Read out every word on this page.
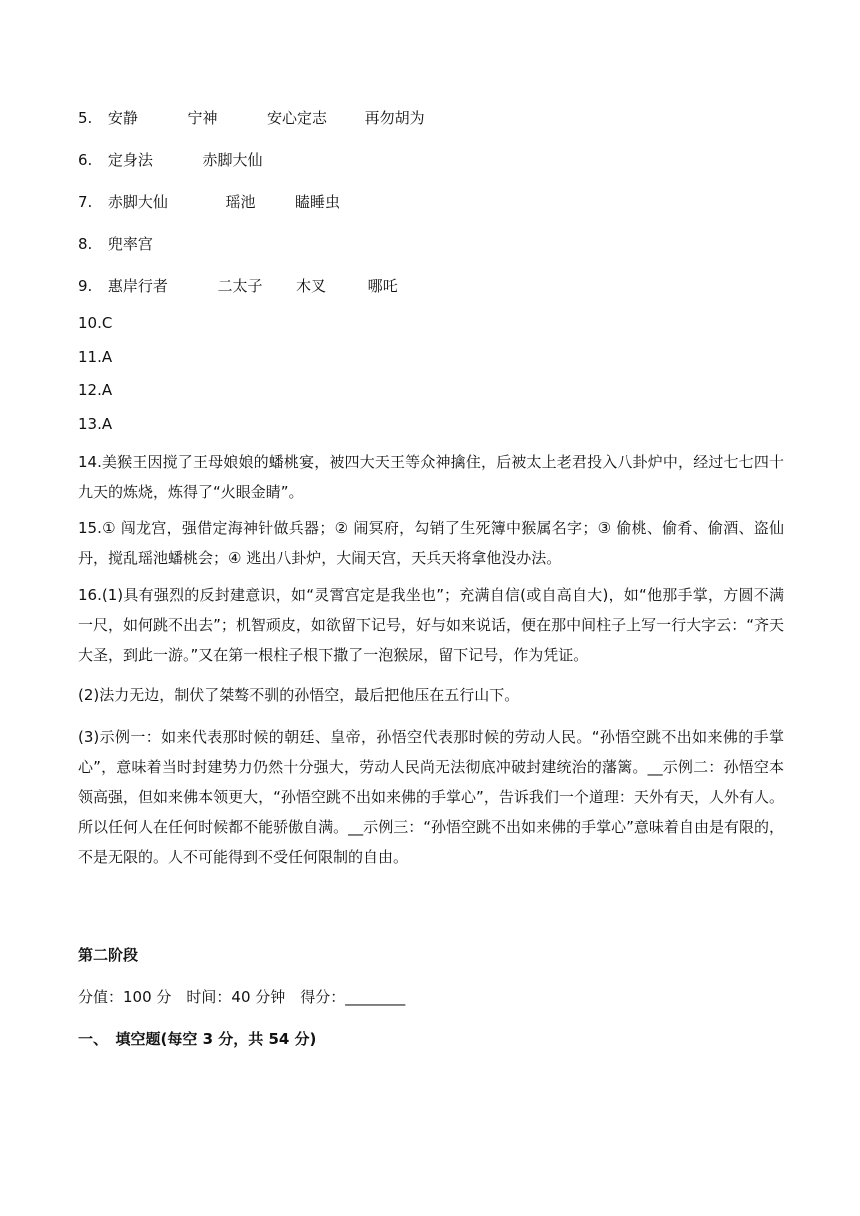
5. 安静	宁神	安心定志	再勿胡为
6. 定身法	赤脚大仙
7. 赤脚大仙	瑶池	瞌睡虫
8. 兜率宫
9. 惠岸行者	二太子 木叉	哪吒
10.C
11.A
12.A
13.A

14.美猴王因搅了王母娘娘的蟠桃宴，被四大天王等众神擒住，后被太上老君投入八卦炉中，经过七七四十九天的炼烧，炼得了“火眼金睛”。

15.① 闯龙宫，强借定海神针做兵器；② 闹冥府，勾销了生死簿中猴属名字；③ 偷桃、偷肴、偷酒、盗仙丹，搅乱瑶池蟠桃会；④ 逃出八卦炉，大闹天宫，天兵天将拿他没办法。

16.(1)具有强烈的反封建意识，如“灵霄宫定是我坐也”；充满自信(或自高自大)，如“他那手掌，方圆不满一尺，如何跳不出去”；机智顽皮，如欲留下记号，好与如来说话，便在那中间柱子上写一行大字云：“齐天大圣，到此一游。”又在第一根柱子根下撒了一泡猴尿，留下记号，作为凭证。

(2)法力无边，制伏了桀骜不驯的孙悟空，最后把他压在五行山下。

(3)示例一：如来代表那时候的朝廷、皇帝，孙悟空代表那时候的劳动人民。“孙悟空跳不出如来佛的手掌心”，意味着当时封建势力仍然十分强大，劳动人民尚无法彻底冲破封建统治的藩篱。__示例二：孙悟空本领高强，但如来佛本领更大，“孙悟空跳不出如来佛的手掌心”，告诉我们一个道理：天外有天，人外有人。所以任何人在任何时候都不能骄傲自满。__示例三：“孙悟空跳不出如来佛的手掌心”意味着自由是有限的，不是无限的。人不可能得到不受任何限制的自由。

第二阶段
分值：100 分　时间：40 分钟　得分：________
一、　填空题(每空 3 分，共 54 分)
